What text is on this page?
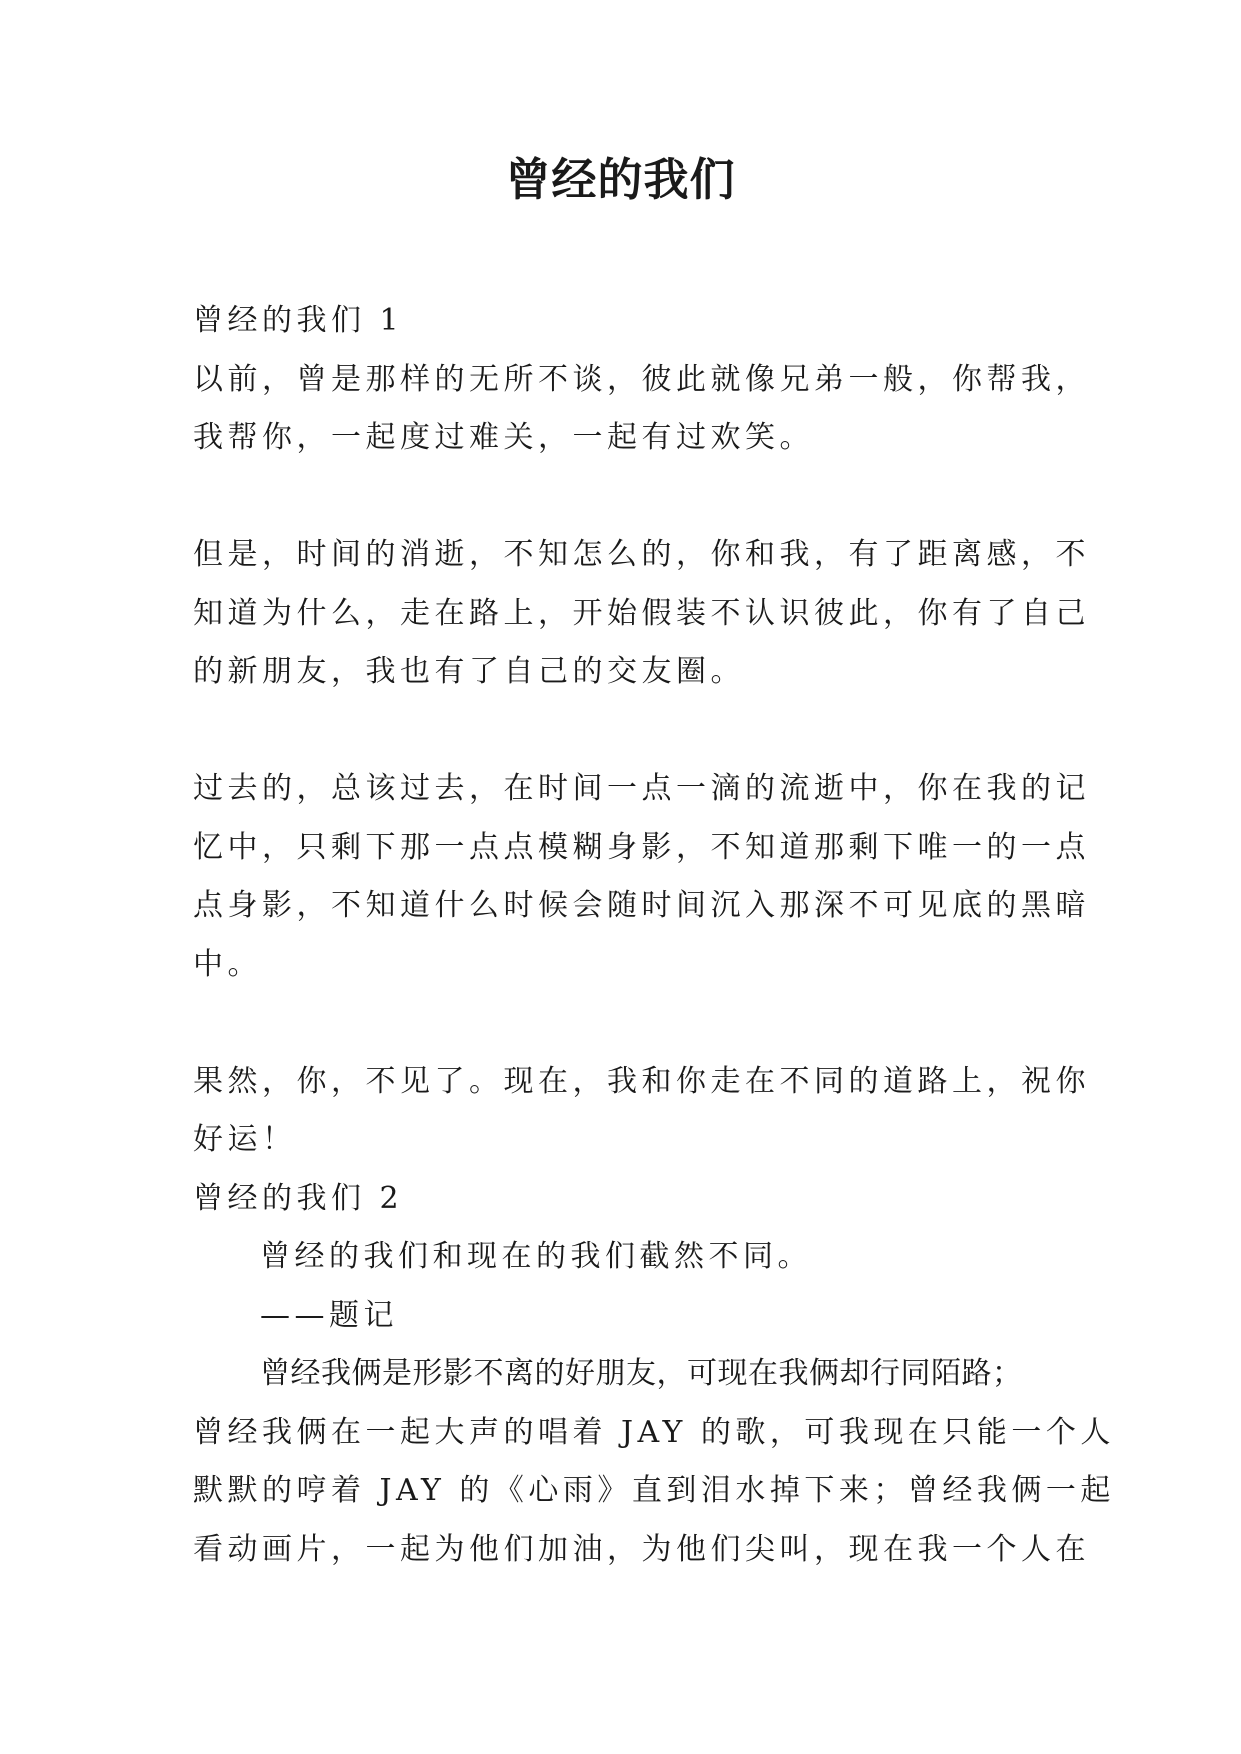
曾经的我们
曾经的我们 1
以前，曾是那样的无所不谈，彼此就像兄弟一般，你帮我，
我帮你，一起度过难关，一起有过欢笑。
但是，时间的消逝，不知怎么的，你和我，有了距离感，不
知道为什么，走在路上，开始假装不认识彼此，你有了自己
的新朋友，我也有了自己的交友圈。
过去的，总该过去，在时间一点一滴的流逝中，你在我的记
忆中，只剩下那一点点模糊身影，不知道那剩下唯一的一点
点身影，不知道什么时候会随时间沉入那深不可见底的黑暗
中。
果然，你，不见了。现在，我和你走在不同的道路上，祝你
好运！
曾经的我们 2
曾经的我们和现在的我们截然不同。
——题记
曾经我俩是形影不离的好朋友，可现在我俩却行同陌路；
曾经我俩在一起大声的唱着 JAY 的歌，可我现在只能一个人
默默的哼着 JAY 的《心雨》直到泪水掉下来；曾经我俩一起
看动画片，一起为他们加油，为他们尖叫，现在我一个人在
